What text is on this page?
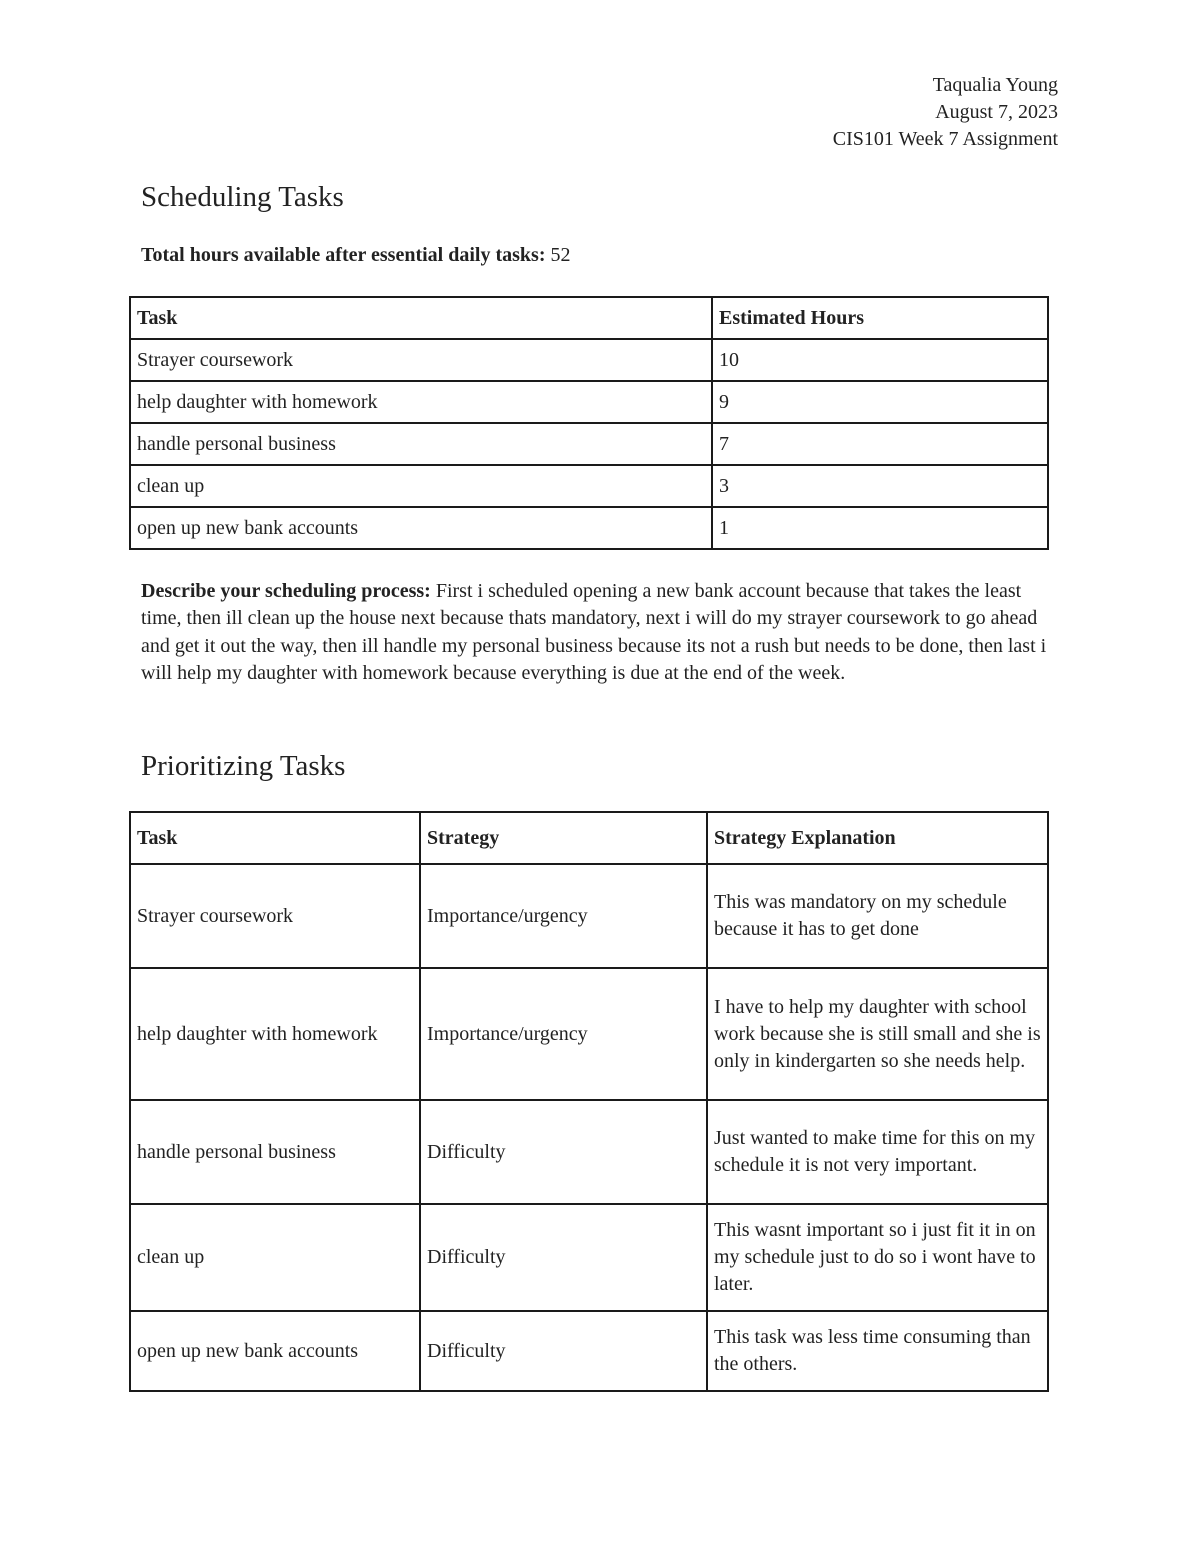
Taqualia Young
August 7, 2023
CIS101 Week 7 Assignment
Scheduling Tasks
Total hours available after essential daily tasks: 52
Task	Estimated Hours
Strayer coursework	10
help daughter with homework	9
handle personal business	7
clean up	3
open up new bank accounts	1
Describe your scheduling process: First i scheduled opening a new bank account because that takes the least time, then ill clean up the house next because thats mandatory, next i will do my strayer coursework to go ahead and get it out the way, then ill handle my personal business because its not a rush but needs to be done, then last i will help my daughter with homework because everything is due at the end of the week.
Prioritizing Tasks
Task	Strategy	Strategy Explanation
Strayer coursework	Importance/urgency	This was mandatory on my schedule because it has to get done
help daughter with homework	Importance/urgency	I have to help my daughter with school work because she is still small and she is only in kindergarten so she needs help.
handle personal business	Difficulty	Just wanted to make time for this on my schedule it is not very important.
clean up	Difficulty	This wasnt important so i just fit it in on my schedule just to do so i wont have to later.
open up new bank accounts	Difficulty	This task was less time consuming than the others.
